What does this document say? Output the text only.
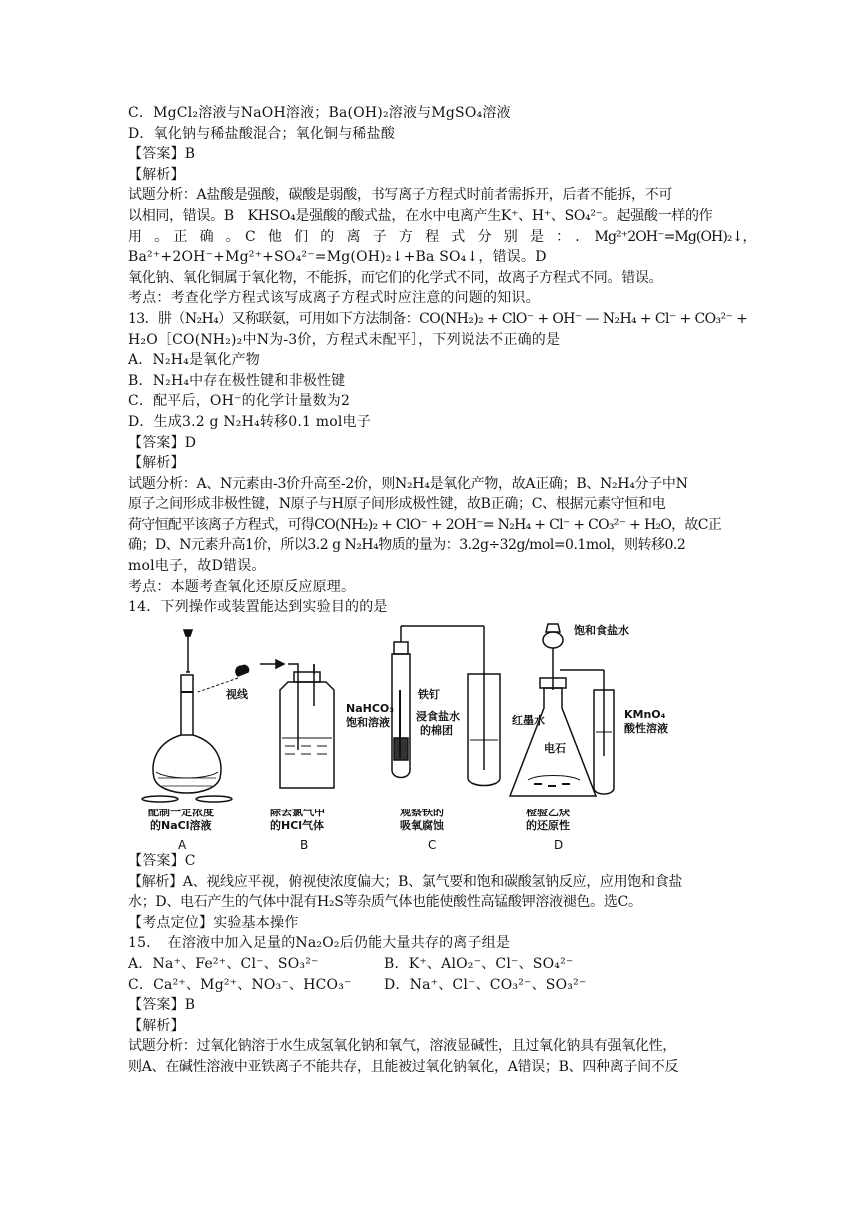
C．MgCl₂溶液与NaOH溶液；Ba(OH)₂溶液与MgSO₄溶液
D．氧化钠与稀盐酸混合；氧化铜与稀盐酸
【答案】B
【解析】
试题分析：A盐酸是强酸，碳酸是弱酸，书写离子方程式时前者需拆开，后者不能拆，不可
以相同，错误。B　KHSO₄是强酸的酸式盐，在水中电离产生K⁺、H⁺、SO₄²⁻。起强酸一样的作
用　。　正　确　。　C　他　们　的　离　子　方　程　式　分　别　是　：　．　Mg²⁺2OH⁻=Mg(OH)₂↓，
Ba²⁺+2OH⁻+Mg²⁺+SO₄²⁻=Mg(OH)₂↓+Ba SO₄↓，错误。D
氧化钠、氧化铜属于氧化物，不能拆，而它们的化学式不同，故离子方程式不同。错误。
考点：考查化学方程式该写成离子方程式时应注意的问题的知识。
13．肼（N₂H₄）又称联氨，可用如下方法制备：CO(NH₂)₂ + ClO⁻ + OH⁻ — N₂H₄ + Cl⁻ + CO₃²⁻ +
H₂O［CO(NH₂)₂中N为-3价，方程式未配平］，下列说法不正确的是
A．N₂H₄是氧化产物
B．N₂H₄中存在极性键和非极性键
C．配平后，OH⁻的化学计量数为2
D．生成3.2 g N₂H₄转移0.1 mol电子
【答案】D
【解析】
试题分析：A、N元素由-3价升高至-2价，则N₂H₄是氧化产物，故A正确；B、N₂H₄分子中N
原子之间形成非极性键，N原子与H原子间形成极性键，故B正确；C、根据元素守恒和电
荷守恒配平该离子方程式，可得CO(NH₂)₂ + ClO⁻ + 2OH⁻= N₂H₄ + Cl⁻ + CO₃²⁻ + H₂O，故C正
确；D、N元素升高1价，所以3.2 g N₂H₄物质的量为：3.2g÷32g/mol=0.1mol，则转移0.2
mol电子，故D错误。
考点：本题考查氧化还原反应原理。
14．下列操作或装置能达到实验目的的是
视线
NaHCO₃
饱和溶液
铁钉
浸食盐水
的棉团
红墨水
饱和食盐水
电石
KMnO₄
酸性溶液
配制一定浓度
的NaCl溶液
A
除去氯气中
的HCl气体
B
观察铁的
吸氧腐蚀
C
检验乙炔
的还原性
D
【答案】C
【解析】A、视线应平视，俯视使浓度偏大；B、氯气要和饱和碳酸氢钠反应，应用饱和食盐
水；D、电石产生的气体中混有H₂S等杂质气体也能使酸性高锰酸钾溶液褪色。选C。
【考点定位】实验基本操作
15．　在溶液中加入足量的Na₂O₂后仍能大量共存的离子组是
A．Na⁺、Fe²⁺、Cl⁻、SO₃²⁻	B．K⁺、AlO₂⁻、Cl⁻、SO₄²⁻
C．Ca²⁺、Mg²⁺、NO₃⁻、HCO₃⁻	D．Na⁺、Cl⁻、CO₃²⁻、SO₃²⁻
【答案】B
【解析】
试题分析：过氧化钠溶于水生成氢氧化钠和氧气，溶液显碱性，且过氧化钠具有强氧化性，
则A、在碱性溶液中亚铁离子不能共存，且能被过氧化钠氧化，A错误；B、四种离子间不反
